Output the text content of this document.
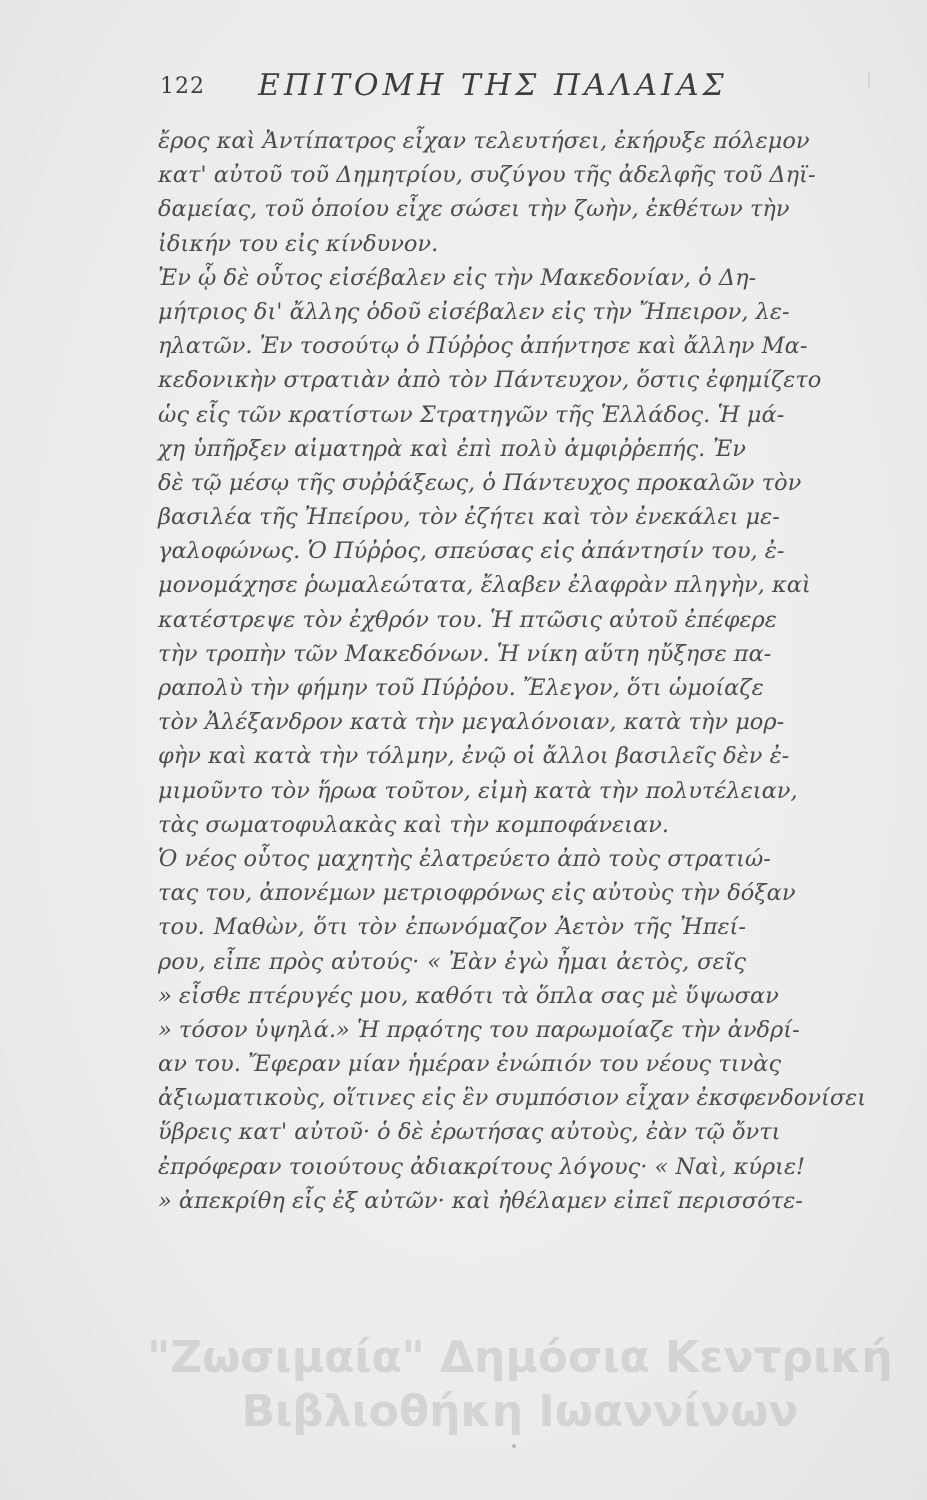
122 ΕΠΙΤΟΜΗ ΤΗΣ ΠΑΛΑΙΑΣ
ἔρος καὶ Ἀντίπατρος εἶχαν τελευτήσει, ἐκήρυξε πόλεμον
κατ' αὐτοῦ τοῦ Δημητρίου, συζύγου τῆς ἀδελφῆς τοῦ Δηϊ-
δαμείας, τοῦ ὁποίου εἶχε σώσει τὴν ζωὴν, ἐκθέτων τὴν
ἰδικήν του εἰς κίνδυνον.
Ἐν ᾧ δὲ οὗτος εἰσέβαλεν εἰς τὴν Μακεδονίαν, ὁ Δη-
μήτριος δι' ἄλλης ὁδοῦ εἰσέβαλεν εἰς τὴν Ἤπειρον, λε-
ηλατῶν. Ἐν τοσούτῳ ὁ Πύῤῥος ἀπήντησε καὶ ἄλλην Μα-
κεδονικὴν στρατιὰν ἀπὸ τὸν Πάντευχον, ὅστις ἐφημίζετο
ὡς εἷς τῶν κρατίστων Στρατηγῶν τῆς Ἑλλάδος. Ἡ μά-
χη ὑπῆρξεν αἱματηρὰ καὶ ἐπὶ πολὺ ἀμφιῤῥεπής. Ἐν
δὲ τῷ μέσῳ τῆς συῤῥάξεως, ὁ Πάντευχος προκαλῶν τὸν
βασιλέα τῆς Ἠπείρου, τὸν ἐζήτει καὶ τὸν ἐνεκάλει με-
γαλοφώνως. Ὁ Πύῤῥος, σπεύσας εἰς ἀπάντησίν του, ἐ-
μονομάχησε ῥωμαλεώτατα, ἔλαβεν ἐλαφρὰν πληγὴν, καὶ
κατέστρεψε τὸν ἐχθρόν του. Ἡ πτῶσις αὐτοῦ ἐπέφερε
τὴν τροπὴν τῶν Μακεδόνων. Ἡ νίκη αὕτη ηὔξησε πα-
ραπολὺ τὴν φήμην τοῦ Πύῤῥου. Ἔλεγον, ὅτι ὡμοίαζε
τὸν Ἀλέξανδρον κατὰ τὴν μεγαλόνοιαν, κατὰ τὴν μορ-
φὴν καὶ κατὰ τὴν τόλμην, ἐνῷ οἱ ἄλλοι βασιλεῖς δὲν ἐ-
μιμοῦντο τὸν ἥρωα τοῦτον, εἰμὴ κατὰ τὴν πολυτέλειαν,
τὰς σωματοφυλακὰς καὶ τὴν κομποφάνειαν.
Ὁ νέος οὗτος μαχητὴς ἐλατρεύετο ἀπὸ τοὺς στρατιώ-
τας του, ἀπονέμων μετριοφρόνως εἰς αὐτοὺς τὴν δόξαν
του. Μαθὼν, ὅτι τὸν ἐπωνόμαζον Ἀετὸν τῆς Ἠπεί-
ρου, εἶπε πρὸς αὐτούς· « Ἐὰν ἐγὼ ἦμαι ἀετὸς, σεῖς
» εἶσθε πτέρυγές μου, καθότι τὰ ὅπλα σας μὲ ὕψωσαν
» τόσον ὑψηλά.» Ἡ πρᾳότης του παρωμοίαζε τὴν ἀνδρί-
αν του. Ἔφεραν μίαν ἡμέραν ἐνώπιόν του νέους τινὰς
ἀξιωματικοὺς, οἵτινες εἰς ἓν συμπόσιον εἶχαν ἐκσφενδονίσει
ὕβρεις κατ' αὐτοῦ· ὁ δὲ ἐρωτήσας αὐτοὺς, ἐὰν τῷ ὄντι
ἐπρόφεραν τοιούτους ἀδιακρίτους λόγους· « Ναὶ, κύριε!
» ἀπεκρίθη εἷς ἐξ αὐτῶν· καὶ ἠθέλαμεν εἰπεῖ περισσότε-
"Ζωσιμαία" Δημόσια Κεντρική
Βιβλιοθήκη Ιωαννίνων
